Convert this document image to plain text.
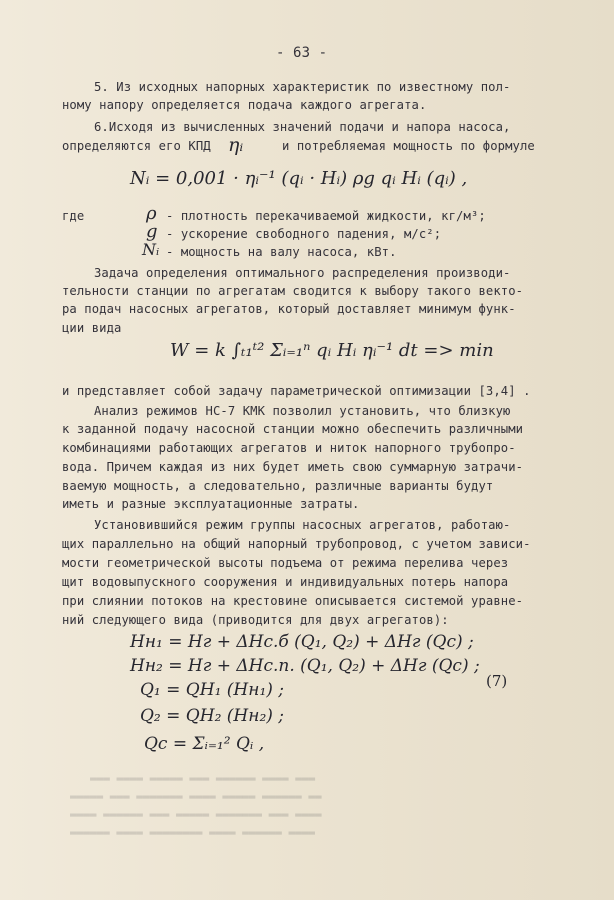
- 63 -
5. Из исходных напорных характеристик по известному пол-
ному напору определяется подача каждого агрегата.
6.Исходя из вычисленных значений подачи и напора насоса,
определяются его КПД ηᵢ	и потребляемая мощность по формуле
Nᵢ = 0,001 · ηᵢ⁻¹ (qᵢ · Hᵢ) ρg qᵢ Hᵢ (qᵢ) ,
где	ρ - плотность перекачиваемой жидкости, кг/м³;
g - ускорение свободного падения, м/с²;
Nᵢ - мощность на валу насоса, кВт.
Задача определения оптимального распределения производи-
тельности станции по агрегатам сводится к выбору такого векто-
ра подач насосных агрегатов, который доставляет минимум функ-
ции вида
W = k ∫ₜ₁ᵗ² Σᵢ₌₁ⁿ qᵢ Hᵢ ηᵢ⁻¹ dt => min
и представляет собой задачу параметрической оптимизации [3,4] .
Анализ режимов НС-7 КМК позволил установить, что близкую
к заданной подачу насосной станции можно обеспечить различными
комбинациями работающих агрегатов и ниток напорного трубопро-
вода. Причем каждая из них будет иметь свою суммарную затрачи-
ваемую мощность, а следовательно, различные варианты будут
иметь и разные эксплуатационные затраты.
Установившийся режим группы насосных агрегатов, работаю-
щих параллельно на общий напорный трубопровод, с учетом зависи-
мости геометрической высоты подъема от режима перелива через
щит водовыпускного сооружения и индивидуальных потерь напора
при слиянии потоков на крестовине описывается системой уравне-
ний следующего вида (приводится для двух агрегатов):
Hн₁ = Hг + ΔHс.б (Q₁, Q₂) + ΔHг (Qс) ;
Hн₂ = Hг + ΔHс.п. (Q₁, Q₂) + ΔHг (Qс) ;
Q₁ = QH₁ (Hн₁) ;
Q₂ = QH₂ (Hн₂) ;
Qс = Σᵢ₌₁² Qᵢ ,
(7)
▬▬▬ ▬▬▬▬ ▬▬▬▬▬ ▬▬▬ ▬▬▬▬▬▬ ▬▬▬▬ ▬▬▬
▬▬▬▬▬ ▬▬▬ ▬▬▬▬▬▬▬ ▬▬▬▬ ▬▬▬▬▬ ▬▬▬▬▬▬ ▬▬
▬▬▬▬ ▬▬▬▬▬▬ ▬▬▬ ▬▬▬▬▬ ▬▬▬▬▬▬▬ ▬▬▬ ▬▬▬▬
▬▬▬▬▬▬ ▬▬▬▬ ▬▬▬▬▬▬▬▬ ▬▬▬▬ ▬▬▬▬▬▬ ▬▬▬▬
